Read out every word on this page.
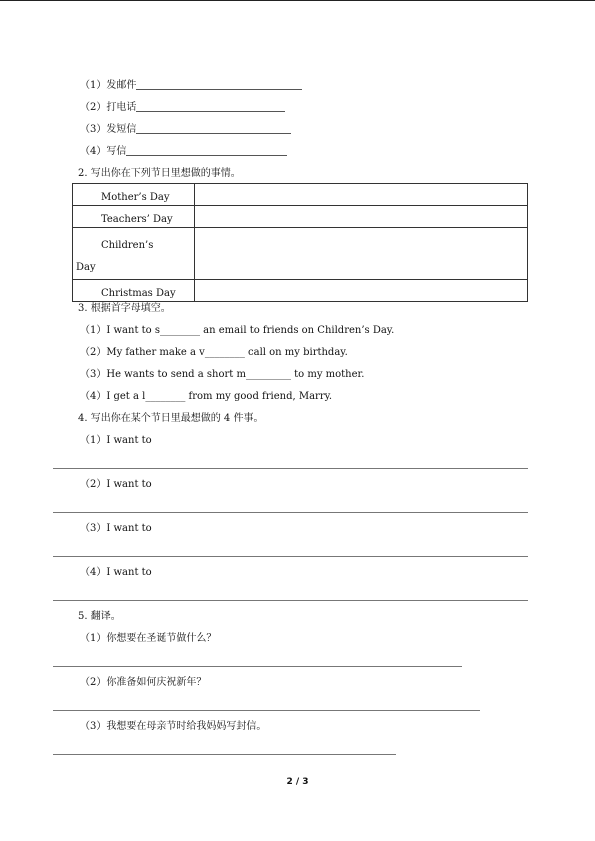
（1）发邮件
（2）打电话
（3）发短信
（4）写信
2. 写出你在下列节日里想做的事情。
Mother’s Day	

Teachers’ Day	

Children’s
Day	

Christmas Day	

3. 根据首字母填空。
（1）I want to s________ an email to friends on Children’s Day.
（2）My father make a v________ call on my birthday.
（3）He wants to send a short m_________ to my mother.
（4）I get a l________ from my good friend, Marry.
4. 写出你在某个节日里最想做的 4 件事。
（1）I want to
（2）I want to
（3）I want to
（4）I want to
5. 翻译。
（1）你想要在圣诞节做什么？
（2）你准备如何庆祝新年？
（3）我想要在母亲节时给我妈妈写封信。
2 / 3
